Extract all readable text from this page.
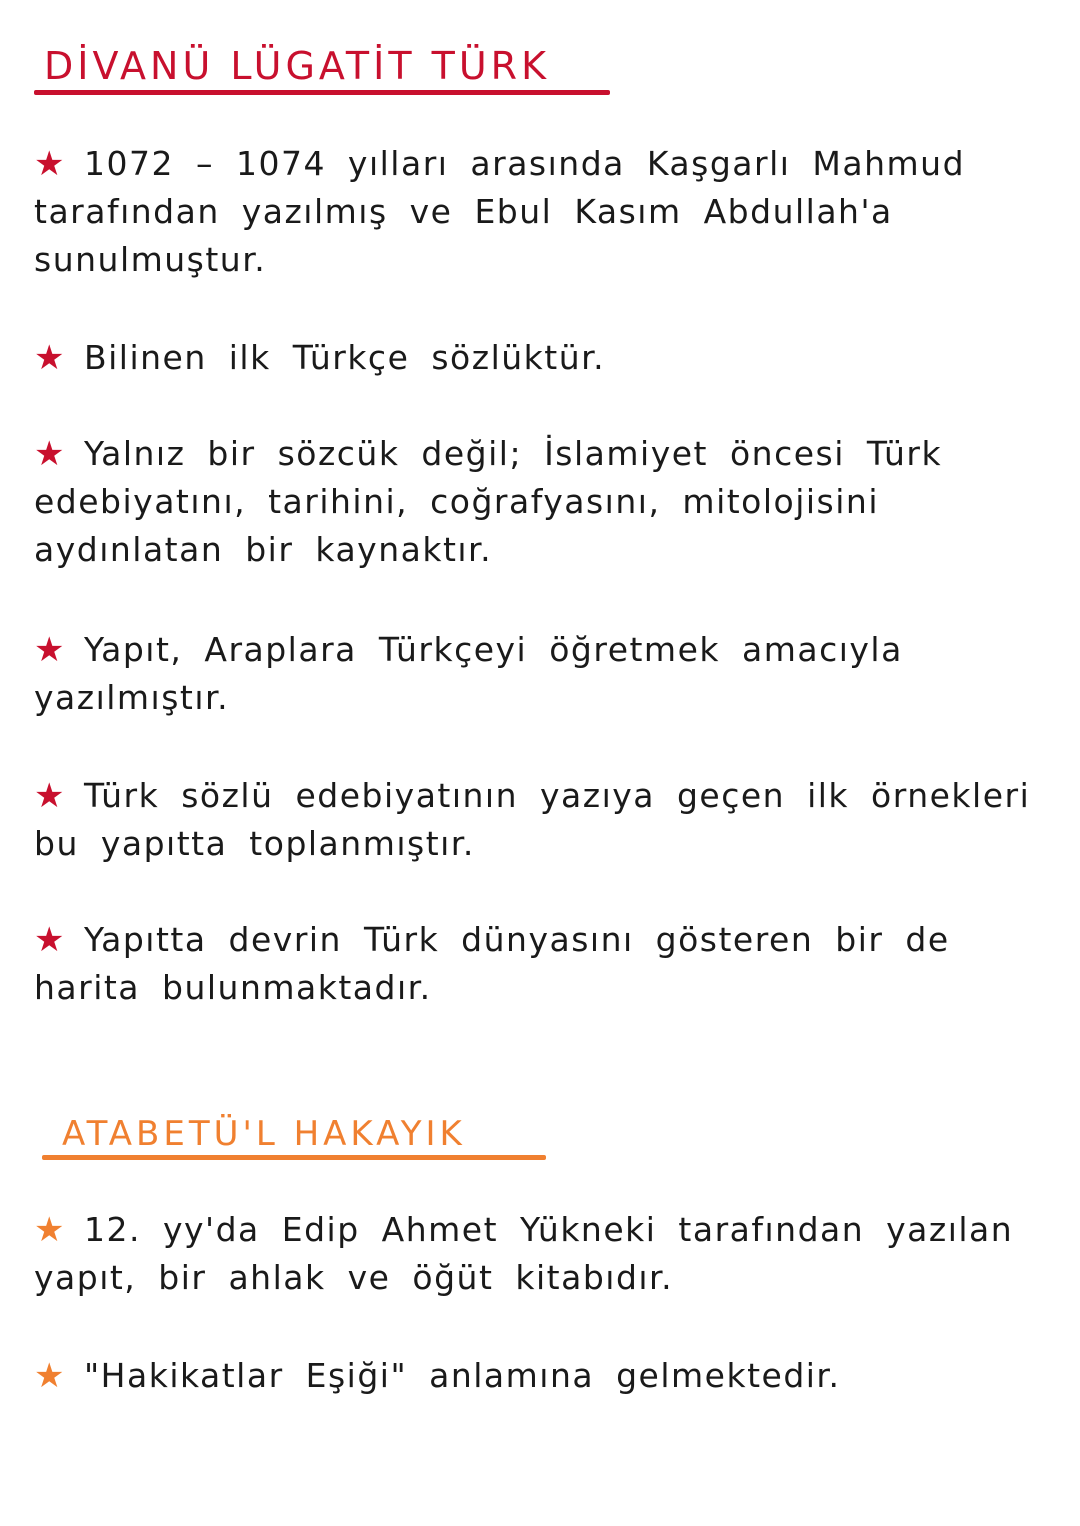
DİVANÜ LÜGATİT TÜRK
★ 1072 – 1074 yılları arasında Kaşgarlı Mahmud tarafından yazılmış ve Ebul Kasım Abdullah'a sunulmuştur.
★ Bilinen ilk Türkçe sözlüktür.
★ Yalnız bir sözcük değil; İslamiyet öncesi Türk edebiyatını, tarihini, coğrafyasını, mitolojisini aydınlatan bir kaynaktır.
★ Yapıt, Araplara Türkçeyi öğretmek amacıyla yazılmıştır.
★ Türk sözlü edebiyatının yazıya geçen ilk örnekleri bu yapıtta toplanmıştır.
★ Yapıtta devrin Türk dünyasını gösteren bir de harita bulunmaktadır.
ATABETÜ'L HAKAYIK
★ 12. yy'da Edip Ahmet Yükneki tarafından yazılan yapıt, bir ahlak ve öğüt kitabıdır.
★ "Hakikatlar Eşiği" anlamına gelmektedir.
